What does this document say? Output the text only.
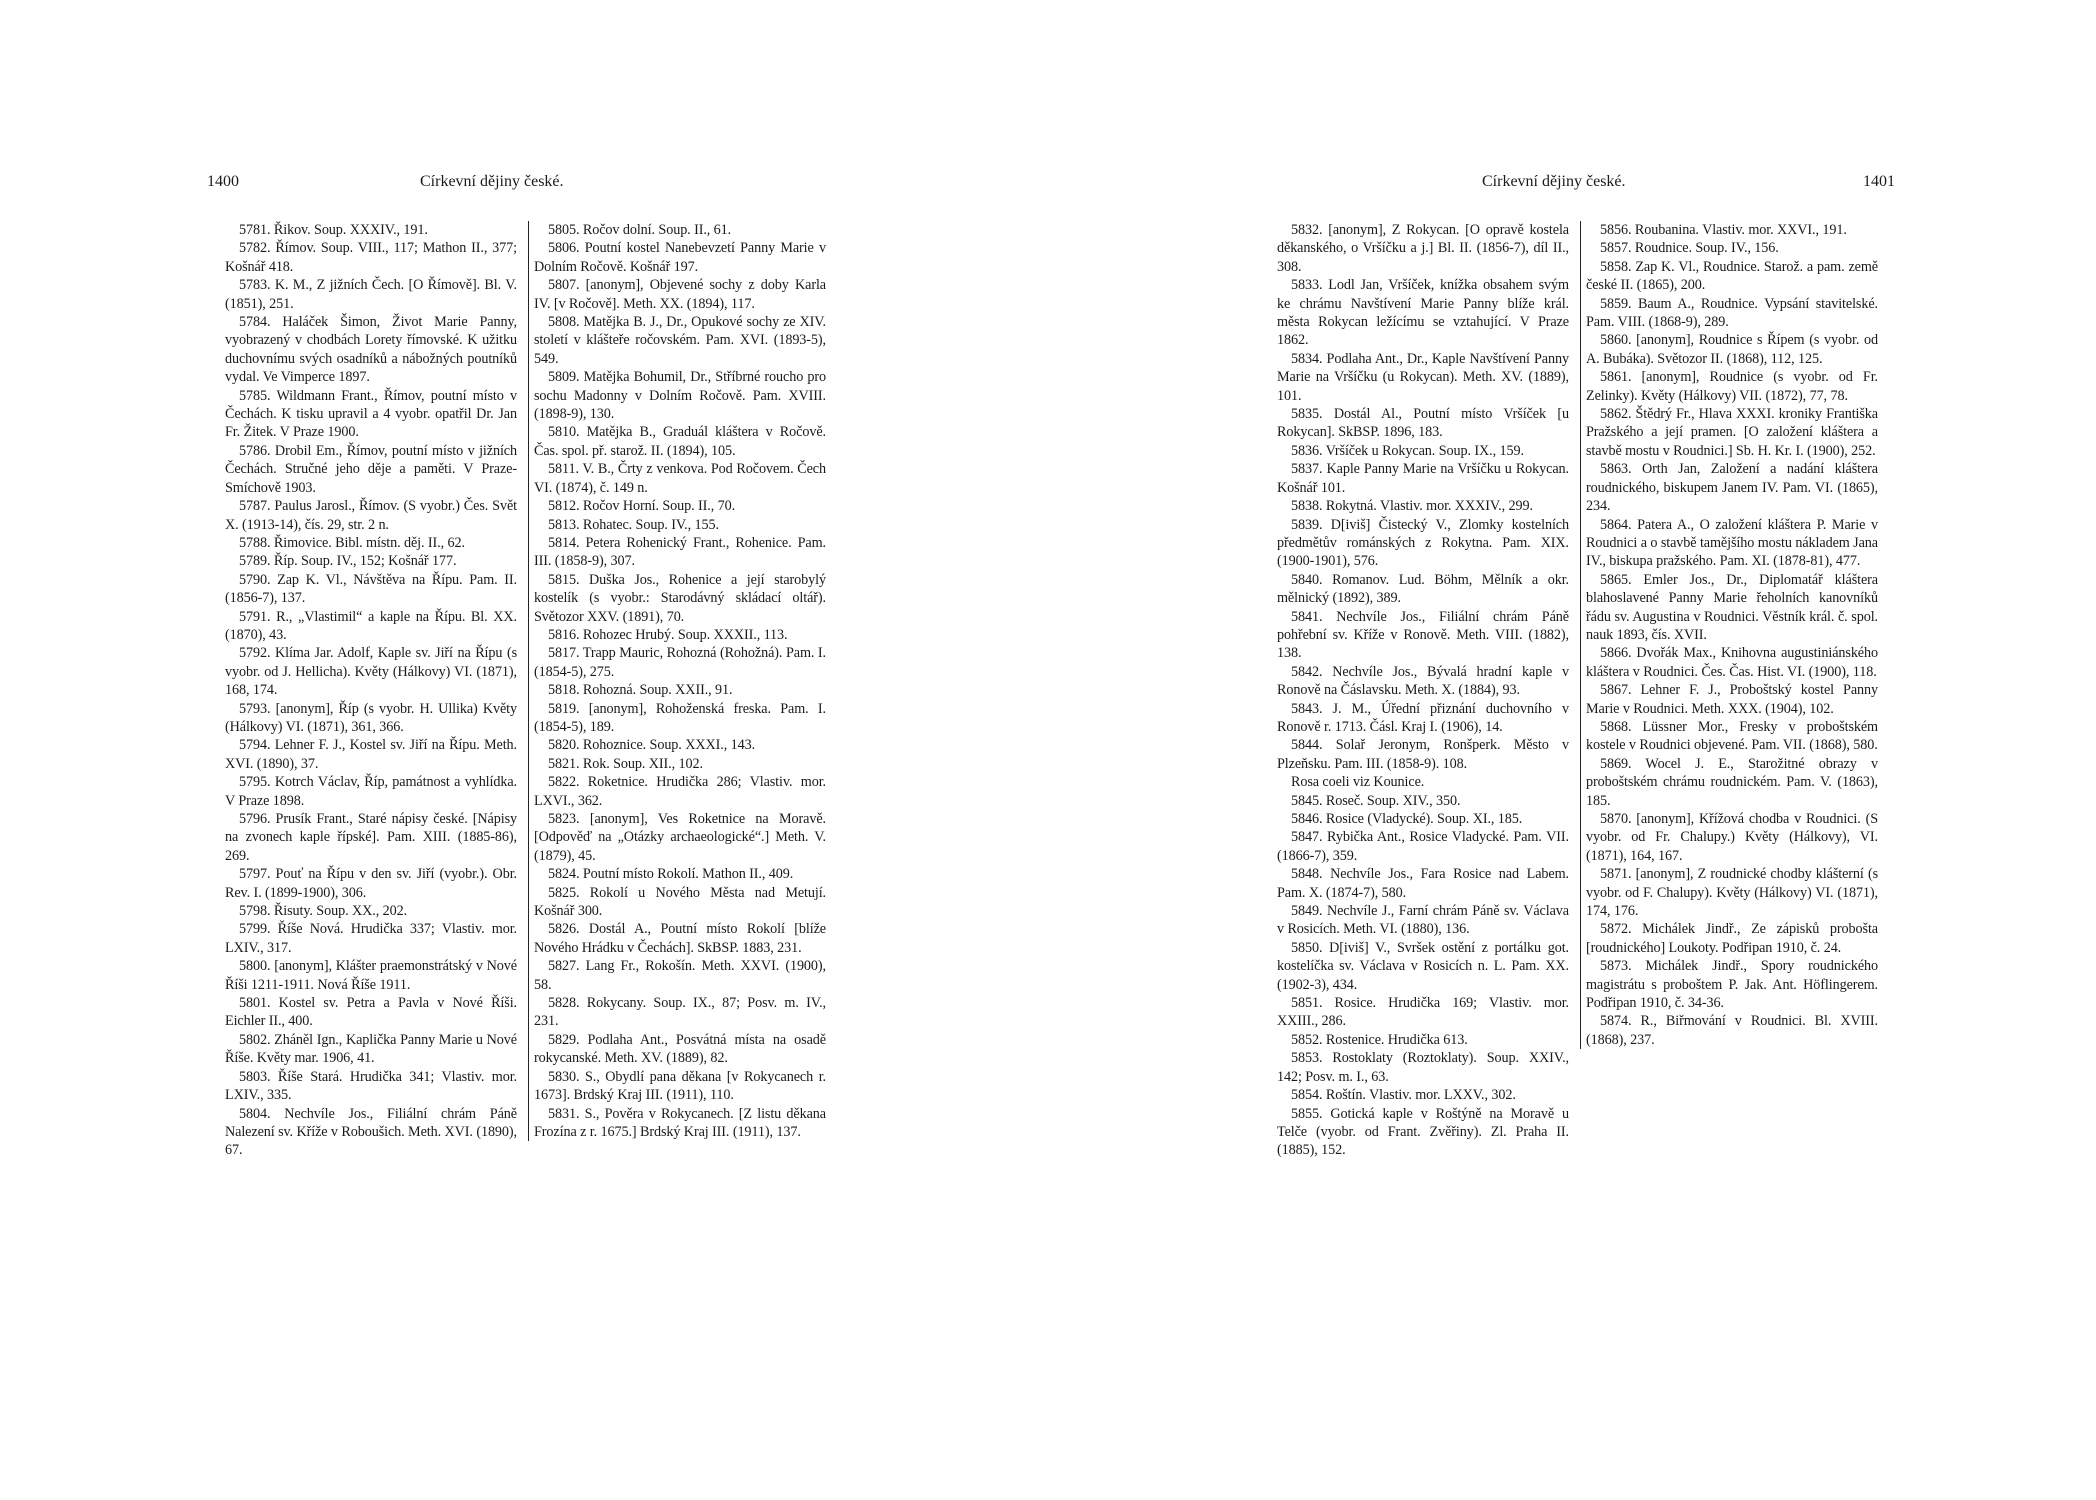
1400	Církevní dějiny české.

5781. Řikov. Soup. XXXIV., 191.

5782. Římov. Soup. VIII., 117; Mathon II., 377; Košnář 418.

5783. K. M., Z jižních Čech. [O Římově]. Bl. V. (1851), 251.

5784. Haláček Šimon, Život Marie Panny, vyobrazený v chodbách Lorety římovské. K užitku duchovnímu svých osadníků a nábožných poutníků vydal. Ve Vimperce 1897.

5785. Wildmann Frant., Římov, poutní místo v Čechách. K tisku upravil a 4 vyobr. opatřil Dr. Jan Fr. Žitek. V Praze 1900.

5786. Drobil Em., Římov, poutní místo v jižních Čechách. Stručné jeho děje a paměti. V Praze-Smíchově 1903.

5787. Paulus Jarosl., Římov. (S vyobr.) Čes. Svět X. (1913-14), čís. 29, str. 2 n.

5788. Řimovice. Bibl. místn. děj. II., 62.

5789. Říp. Soup. IV., 152; Košnář 177.

5790. Zap K. Vl., Návštěva na Řípu. Pam. II. (1856-7), 137.

5791. R., „Vlastimil“ a kaple na Řípu. Bl. XX. (1870), 43.

5792. Klíma Jar. Adolf, Kaple sv. Jiří na Řípu (s vyobr. od J. Hellicha). Květy (Hálkovy) VI. (1871), 168, 174.

5793. [anonym], Říp (s vyobr. H. Ullika) Květy (Hálkovy) VI. (1871), 361, 366.

5794. Lehner F. J., Kostel sv. Jiří na Řípu. Meth. XVI. (1890), 37.

5795. Kotrch Václav, Říp, památnost a vyhlídka. V Praze 1898.

5796. Prusík Frant., Staré nápisy české. [Nápisy na zvonech kaple řípské]. Pam. XIII. (1885-86), 269.

5797. Pouť na Řípu v den sv. Jiří (vyobr.). Obr. Rev. I. (1899-1900), 306.

5798. Řisuty. Soup. XX., 202.

5799. Říše Nová. Hrudička 337; Vlastiv. mor. LXIV., 317.

5800. [anonym], Klášter praemonstrátský v Nové Říši 1211-1911. Nová Říše 1911.

5801. Kostel sv. Petra a Pavla v Nové Říši. Eichler II., 400.

5802. Zháněl Ign., Kaplička Panny Marie u Nové Říše. Květy mar. 1906, 41.

5803. Říše Stará. Hrudička 341; Vlastiv. mor. LXIV., 335.

5804. Nechvíle Jos., Filiální chrám Páně Nalezení sv. Kříže v Roboušich. Meth. XVI. (1890), 67.

5805. Ročov dolní. Soup. II., 61.

5806. Poutní kostel Nanebevzetí Panny Marie v Dolním Ročově. Košnář 197.

5807. [anonym], Objevené sochy z doby Karla IV. [v Ročově]. Meth. XX. (1894), 117.

5808. Matějka B. J., Dr., Opukové sochy ze XIV. století v klášteře ročovském. Pam. XVI. (1893-5), 549.

5809. Matějka Bohumil, Dr., Stříbrné roucho pro sochu Madonny v Dolním Ročově. Pam. XVIII. (1898-9), 130.

5810. Matějka B., Graduál kláštera v Ročově. Čas. spol. př. starož. II. (1894), 105.

5811. V. B., Črty z venkova. Pod Ročovem. Čech VI. (1874), č. 149 n.

5812. Ročov Horní. Soup. II., 70.

5813. Rohatec. Soup. IV., 155.

5814. Petera Rohenický Frant., Rohenice. Pam. III. (1858-9), 307.

5815. Duška Jos., Rohenice a její starobylý kostelík (s vyobr.: Starodávný skládací oltář). Světozor XXV. (1891), 70.

5816. Rohozec Hrubý. Soup. XXXII., 113.

5817. Trapp Mauric, Rohozná (Rohožná). Pam. I. (1854-5), 275.

5818. Rohozná. Soup. XXII., 91.

5819. [anonym], Rohoženská freska. Pam. I. (1854-5), 189.

5820. Rohoznice. Soup. XXXI., 143.

5821. Rok. Soup. XII., 102.

5822. Roketnice. Hrudička 286; Vlastiv. mor. LXVI., 362.

5823. [anonym], Ves Roketnice na Moravě. [Odpověď na „Otázky archaeologické“.] Meth. V. (1879), 45.

5824. Poutní místo Rokolí. Mathon II., 409.

5825. Rokolí u Nového Města nad Metují. Košnář 300.

5826. Dostál A., Poutní místo Rokolí [blíže Nového Hrádku v Čechách]. SkBSP. 1883, 231.

5827. Lang Fr., Rokošín. Meth. XXVI. (1900), 58.

5828. Rokycany. Soup. IX., 87; Posv. m. IV., 231.

5829. Podlaha Ant., Posvátná místa na osadě rokycanské. Meth. XV. (1889), 82.

5830. S., Obydlí pana děkana [v Rokycanech r. 1673]. Brdský Kraj III. (1911), 110.

5831. S., Pověra v Rokycanech. [Z listu děkana Frozína z r. 1675.] Brdský Kraj III. (1911), 137.

Církevní dějiny české.	1401

5832. [anonym], Z Rokycan. [O opravě kostela děkanského, o Vršíčku a j.] Bl. II. (1856-7), díl II., 308.

5833. Lodl Jan, Vršíček, knížka obsahem svým ke chrámu Navštívení Marie Panny blíže král. města Rokycan ležícímu se vztahující. V Praze 1862.

5834. Podlaha Ant., Dr., Kaple Navštívení Panny Marie na Vršíčku (u Rokycan). Meth. XV. (1889), 101.

5835. Dostál Al., Poutní místo Vršíček [u Rokycan]. SkBSP. 1896, 183.

5836. Vršíček u Rokycan. Soup. IX., 159.

5837. Kaple Panny Marie na Vršíčku u Rokycan. Košnář 101.

5838. Rokytná. Vlastiv. mor. XXXIV., 299.

5839. D[iviš] Čistecký V., Zlomky kostelních předmětův románských z Rokytna. Pam. XIX. (1900-1901), 576.

5840. Romanov. Lud. Böhm, Mělník a okr. mělnický (1892), 389.

5841. Nechvíle Jos., Filiální chrám Páně pohřební sv. Kříže v Ronově. Meth. VIII. (1882), 138.

5842. Nechvíle Jos., Bývalá hradní kaple v Ronově na Čáslavsku. Meth. X. (1884), 93.

5843. J. M., Úřední přiznání duchovního v Ronově r. 1713. Čásl. Kraj I. (1906), 14.

5844. Solař Jeronym, Ronšperk. Město v Plzeňsku. Pam. III. (1858-9). 108.

Rosa coeli viz Kounice.

5845. Roseč. Soup. XIV., 350.

5846. Rosice (Vladycké). Soup. XI., 185.

5847. Rybička Ant., Rosice Vladycké. Pam. VII. (1866-7), 359.

5848. Nechvíle Jos., Fara Rosice nad Labem. Pam. X. (1874-7), 580.

5849. Nechvíle J., Farní chrám Páně sv. Václava v Rosicích. Meth. VI. (1880), 136.

5850. D[iviš] V., Svršek ostění z portálku got. kostelíčka sv. Václava v Rosicích n. L. Pam. XX. (1902-3), 434.

5851. Rosice. Hrudička 169; Vlastiv. mor. XXIII., 286.

5852. Rostenice. Hrudička 613.

5853. Rostoklaty (Roztoklaty). Soup. XXIV., 142; Posv. m. I., 63.

5854. Roštín. Vlastiv. mor. LXXV., 302.

5855. Gotická kaple v Roštýně na Moravě u Telče (vyobr. od Frant. Zvěřiny). Zl. Praha II. (1885), 152.

5856. Roubanina. Vlastiv. mor. XXVI., 191.

5857. Roudnice. Soup. IV., 156.

5858. Zap K. Vl., Roudnice. Starož. a pam. země české II. (1865), 200.

5859. Baum A., Roudnice. Vypsání stavitelské. Pam. VIII. (1868-9), 289.

5860. [anonym], Roudnice s Řípem (s vyobr. od A. Bubáka). Světozor II. (1868), 112, 125.

5861. [anonym], Roudnice (s vyobr. od Fr. Zelinky). Květy (Hálkovy) VII. (1872), 77, 78.

5862. Štědrý Fr., Hlava XXXI. kroniky Františka Pražského a její pramen. [O založení kláštera a stavbě mostu v Roudnici.] Sb. H. Kr. I. (1900), 252.

5863. Orth Jan, Založení a nadání kláštera roudnického, biskupem Janem IV. Pam. VI. (1865), 234.

5864. Patera A., O založení kláštera P. Marie v Roudnici a o stavbě tamějšího mostu nákladem Jana IV., biskupa pražského. Pam. XI. (1878-81), 477.

5865. Emler Jos., Dr., Diplomatář kláštera blahoslavené Panny Marie řeholních kanovníků řádu sv. Augustina v Roudnici. Věstník král. č. spol. nauk 1893, čís. XVII.

5866. Dvořák Max., Knihovna augustiniánského kláštera v Roudnici. Čes. Čas. Hist. VI. (1900), 118.

5867. Lehner F. J., Proboštský kostel Panny Marie v Roudnici. Meth. XXX. (1904), 102.

5868. Lüssner Mor., Fresky v proboštském kostele v Roudnici objevené. Pam. VII. (1868), 580.

5869. Wocel J. E., Starožitné obrazy v proboštském chrámu roudnickém. Pam. V. (1863), 185.

5870. [anonym], Křížová chodba v Roudnici. (S vyobr. od Fr. Chalupy.) Květy (Hálkovy), VI. (1871), 164, 167.

5871. [anonym], Z roudnické chodby klášterní (s vyobr. od F. Chalupy). Květy (Hálkovy) VI. (1871), 174, 176.

5872. Michálek Jindř., Ze zápisků probošta [roudnického] Loukoty. Podřipan 1910, č. 24.

5873. Michálek Jindř., Spory roudnického magistrátu s proboštem P. Jak. Ant. Höflingerem. Podřipan 1910, č. 34-36.

5874. R., Biřmování v Roudnici. Bl. XVIII. (1868), 237.
